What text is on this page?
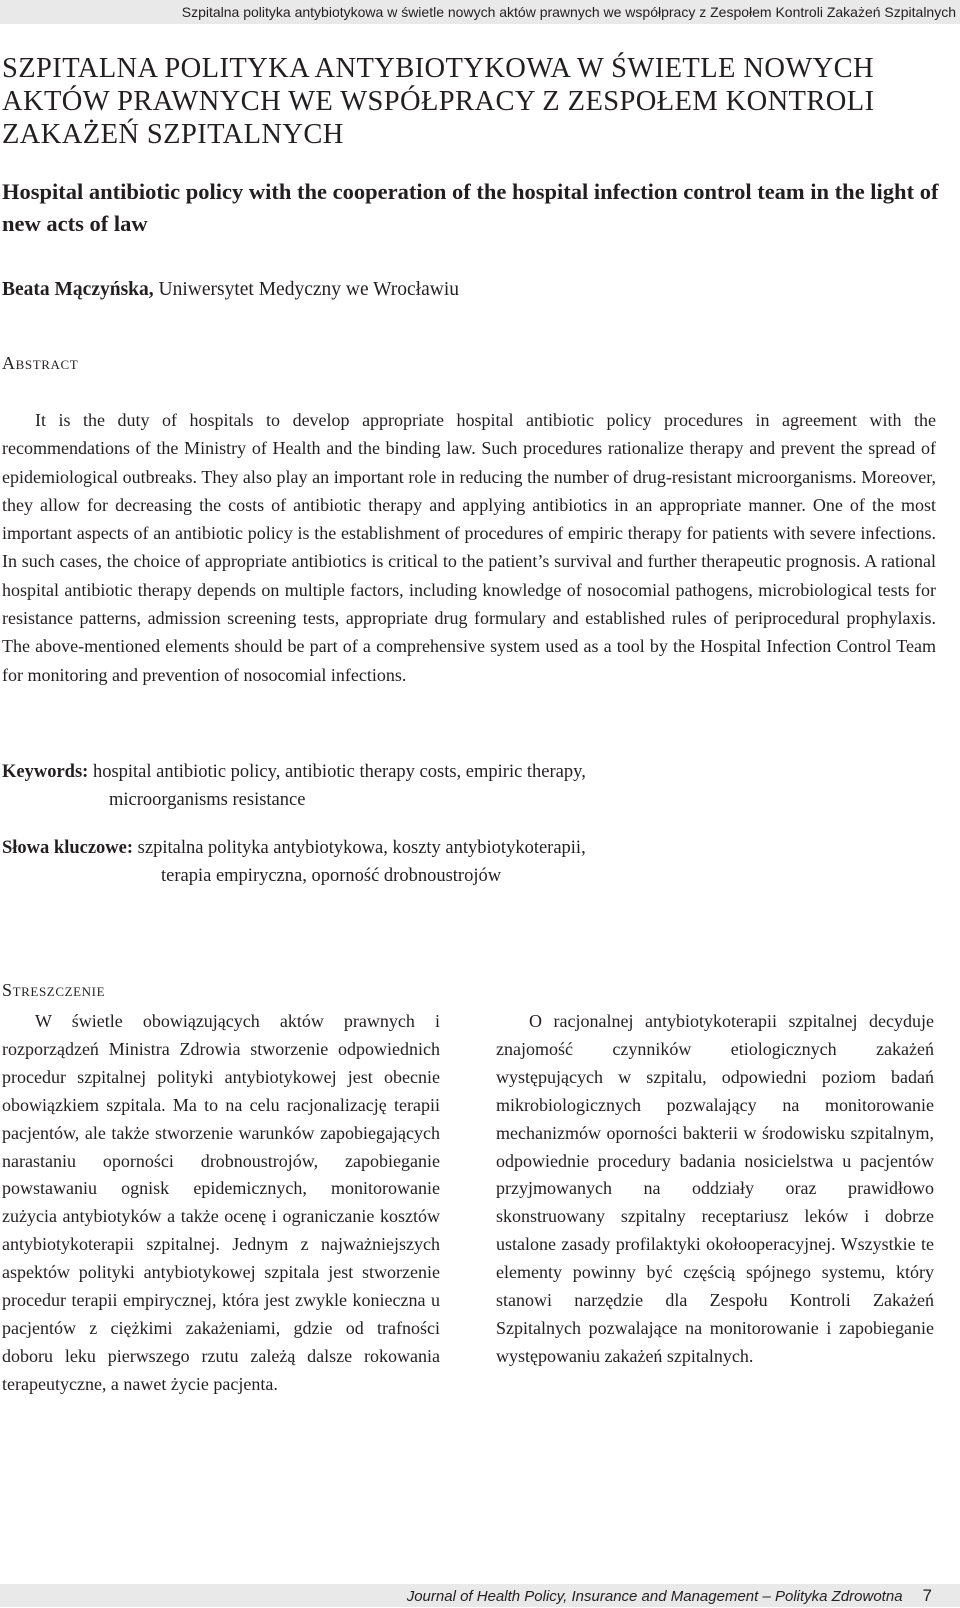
Szpitalna polityka antybiotykowa w świetle nowych aktów prawnych we współpracy z Zespołem Kontroli Zakażeń Szpitalnych
SZPITALNA POLITYKA ANTYBIOTYKOWA W ŚWIETLE NOWYCH AKTÓW PRAWNYCH WE WSPÓŁPRACY Z ZESPOŁEM KONTROLI ZAKAŻEŃ SZPITALNYCH
Hospital antibiotic policy with the cooperation of the hospital infection control team in the light of new acts of law

Beata Mączyńska, Uniwersytet Medyczny we Wrocławiu

Abstract

It is the duty of hospitals to develop appropriate hospital antibiotic policy procedures in agreement with the recommendations of the Ministry of Health and the binding law. Such procedures rationalize therapy and prevent the spread of epidemiological outbreaks. They also play an important role in reducing the number of drug-resistant microorganisms. Moreover, they allow for decreasing the costs of antibiotic therapy and applying antibiotics in an appropriate manner. One of the most important aspects of an antibiotic policy is the establishment of procedures of empiric therapy for patients with severe infections. In such cases, the choice of appropriate antibiotics is critical to the patient’s survival and further therapeutic prognosis. A rational hospital antibiotic therapy depends on multiple factors, including knowledge of nosocomial pathogens, microbiological tests for resistance patterns, admission screening tests, appropriate drug formulary and established rules of periprocedural prophylaxis. The above-mentioned elements should be part of a comprehensive system used as a tool by the Hospital Infection Control Team for monitoring and prevention of nosocomial infections.

Keywords: hospital antibiotic policy, antibiotic therapy costs, empiric therapy,
microorganisms resistance
Słowa kluczowe: szpitalna polityka antybiotykowa, koszty antybiotykoterapii,
terapia empiryczna, oporność drobnoustrojów
Streszczenie

W świetle obowiązujących aktów prawnych i rozporządzeń Ministra Zdrowia stworzenie odpowiednich procedur szpitalnej polityki antybiotykowej jest obecnie obowiązkiem szpitala. Ma to na celu racjonalizację terapii pacjentów, ale także stworzenie warunków zapobiegających narastaniu oporności drobnoustrojów, zapobieganie powstawaniu ognisk epidemicznych, monitorowanie zużycia antybiotyków a także ocenę i ograniczanie kosztów antybiotykoterapii szpitalnej. Jednym z najważniejszych aspektów polityki antybiotykowej szpitala jest stworzenie procedur terapii empirycznej, która jest zwykle konieczna u pacjentów z ciężkimi zakażeniami, gdzie od trafności doboru leku pierwszego rzutu zależą dalsze rokowania terapeutyczne, a nawet życie pacjenta.

O racjonalnej antybiotykoterapii szpitalnej decyduje znajomość czynników etiologicznych zakażeń występujących w szpitalu, odpowiedni poziom badań mikrobiologicznych pozwalający na monitorowanie mechanizmów oporności bakterii w środowisku szpitalnym, odpowiednie procedury badania nosicielstwa u pacjentów przyjmowanych na oddziały oraz prawidłowo skonstruowany szpitalny receptariusz leków i dobrze ustalone zasady profilaktyki okołooperacyjnej. Wszystkie te elementy powinny być częścią spójnego systemu, który stanowi narzędzie dla Zespołu Kontroli Zakażeń Szpitalnych pozwalające na monitorowanie i zapobieganie występowaniu zakażeń szpitalnych.

Journal of Health Policy, Insurance and Management – Polityka Zdrowotna 7
